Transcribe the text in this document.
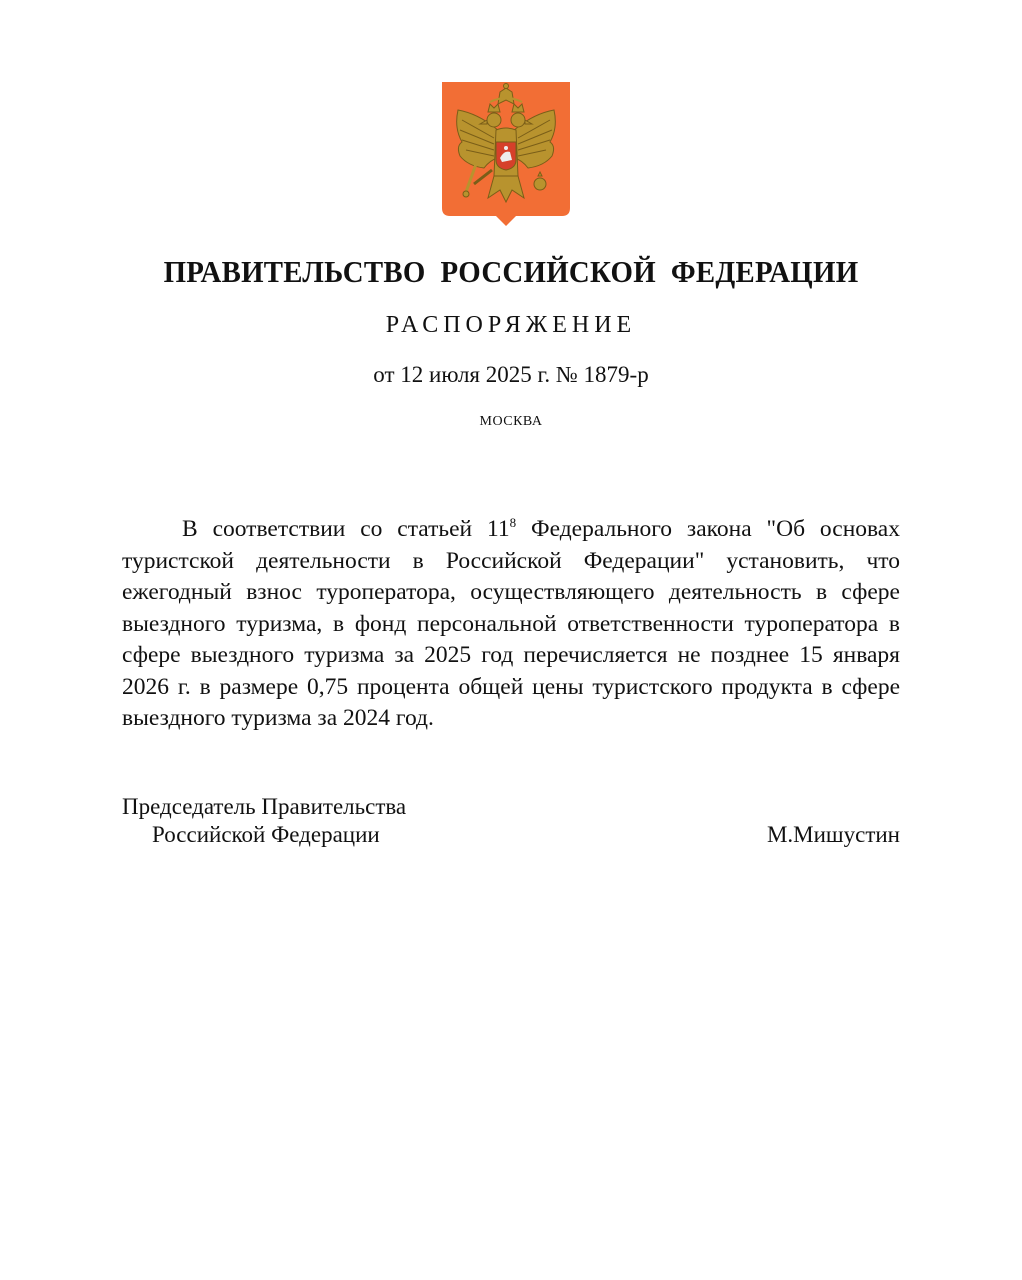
ПРАВИТЕЛЬСТВО РОССИЙСКОЙ ФЕДЕРАЦИИ

РАСПОРЯЖЕНИЕ

от 12 июля 2025 г. № 1879-р

МОСКВА

В соответствии со статьей $11^8$ Федерального закона "Об основах туристской деятельности в Российской Федерации" установить, что ежегодный взнос туроператора, осуществляющего деятельность в сфере выездного туризма, в фонд персональной ответственности туроператора в сфере выездного туризма за 2025 год перечисляется не позднее 15 января 2026 г. в размере 0,75 процента общей цены туристского продукта в сфере выездного туризма за 2024 год.

Председатель Правительства

Российской Федерации	М.Мишустин
